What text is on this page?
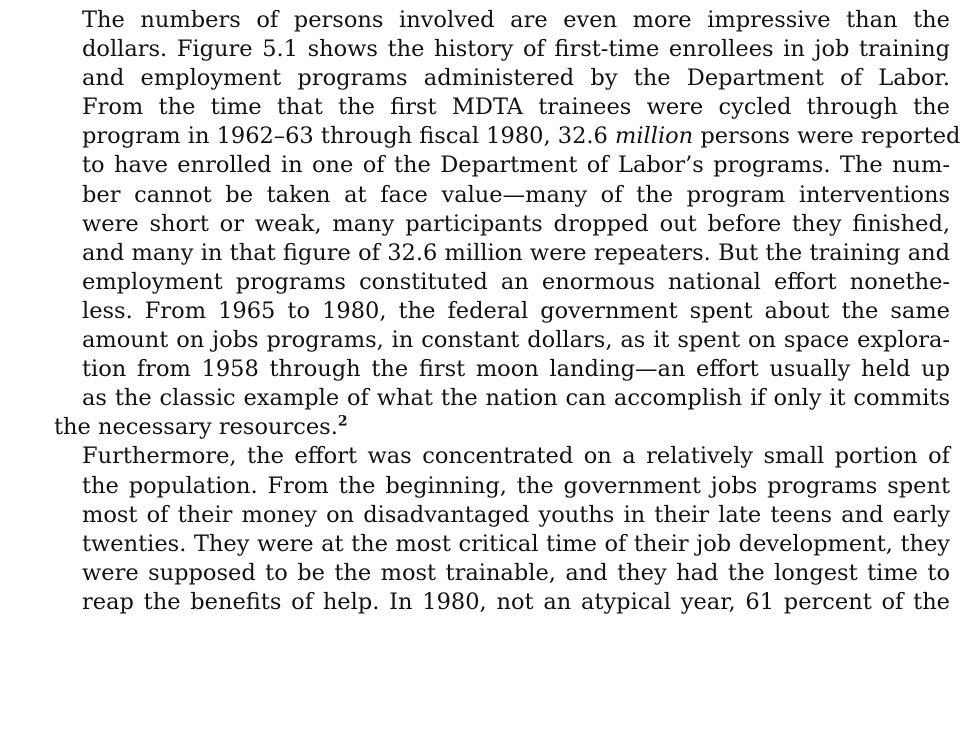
The numbers of persons involved are even more impressive than the
dollars. Figure 5.1 shows the history of first-time enrollees in job training
and employment programs administered by the Department of Labor.
From the time that the first MDTA trainees were cycled through the
program in 1962–63 through fiscal 1980, 32.6 million persons were reported
to have enrolled in one of the Department of Labor’s programs. The num-
ber cannot be taken at face value—many of the program interventions
were short or weak, many participants dropped out before they finished,
and many in that figure of 32.6 million were repeaters. But the training and
employment programs constituted an enormous national effort nonethe-
less. From 1965 to 1980, the federal government spent about the same
amount on jobs programs, in constant dollars, as it spent on space explora-
tion from 1958 through the first moon landing—an effort usually held up
as the classic example of what the nation can accomplish if only it commits
the necessary resources.$^2$

Furthermore, the effort was concentrated on a relatively small portion of
the population. From the beginning, the government jobs programs spent
most of their money on disadvantaged youths in their late teens and early
twenties. They were at the most critical time of their job development, they
were supposed to be the most trainable, and they had the longest time to
reap the benefits of help. In 1980, not an atypical year, 61 percent of the
